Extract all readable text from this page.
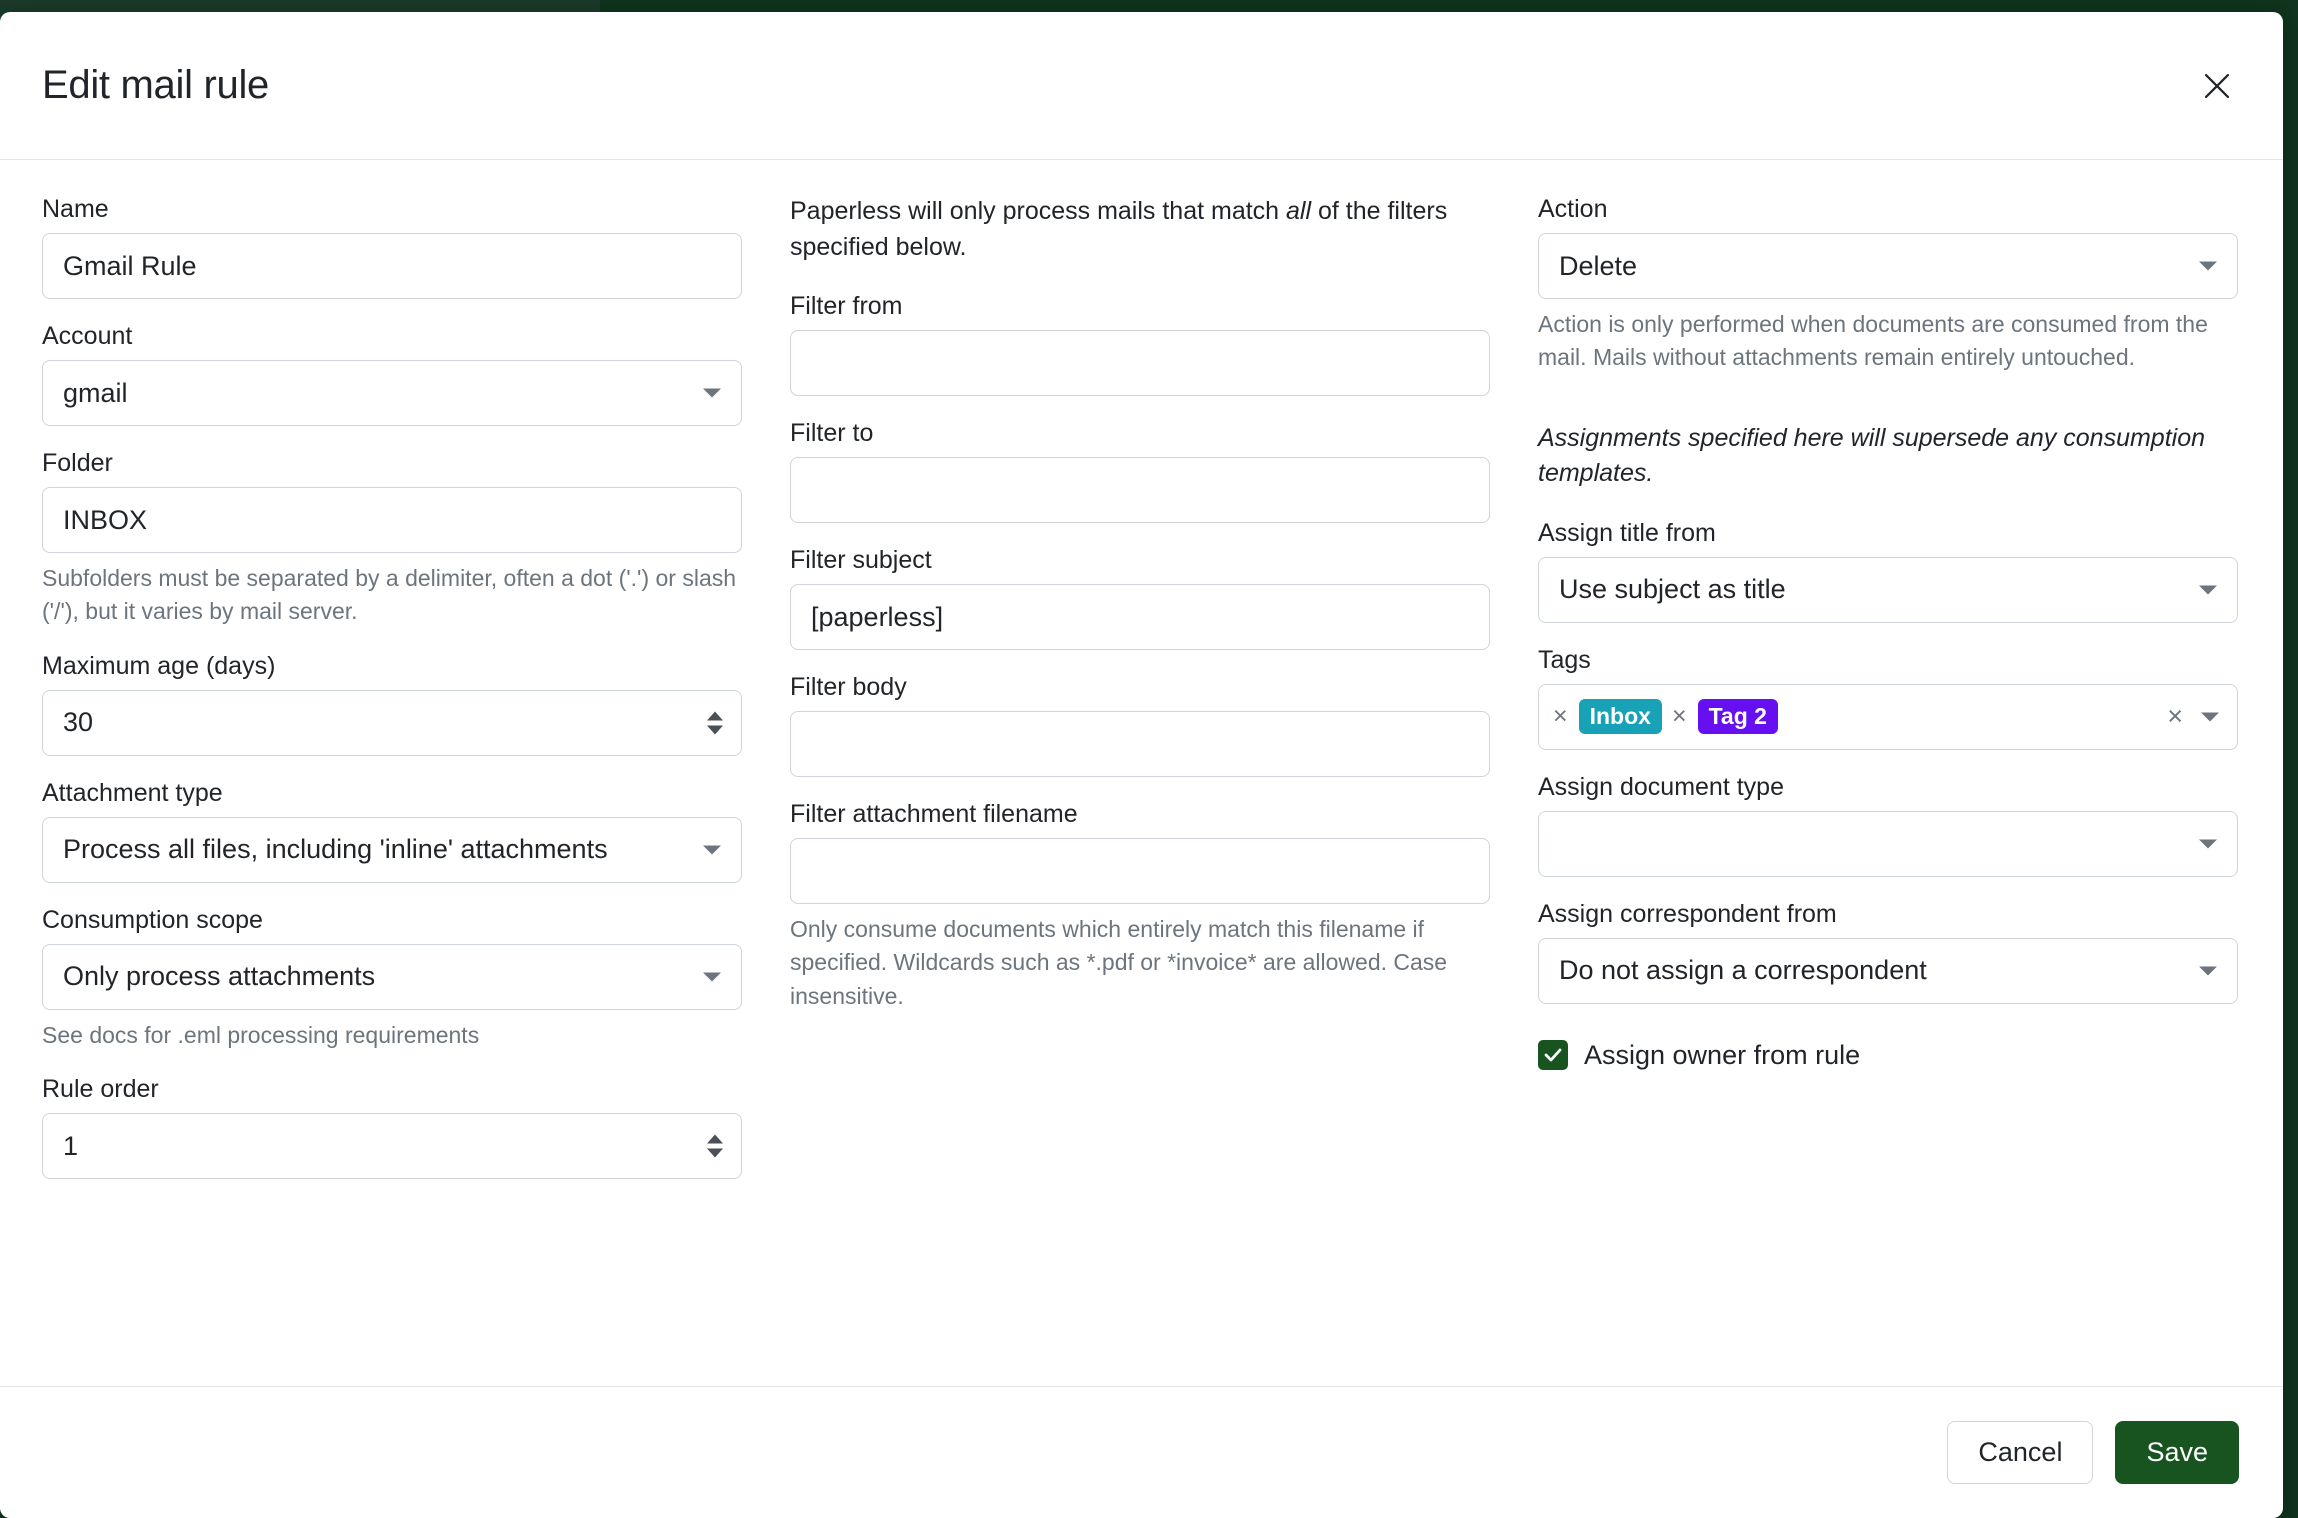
Edit mail rule
Name
Gmail Rule
Account
gmail
Folder
INBOX
Subfolders must be separated by a delimiter, often a dot ('.') or slash ('/'), but it varies by mail server.
Maximum age (days)
30
Attachment type
Process all files, including 'inline' attachments
Consumption scope
Only process attachments
See docs for .eml processing requirements
Rule order
1

Paperless will only process mails that match all of the filters specified below.

Filter from
Filter to
Filter subject
[paperless]
Filter body
Filter attachment filename
Only consume documents which entirely match this filename if specified. Wildcards such as *.pdf or *invoice* are allowed. Case insensitive.
Action
Delete
Action is only performed when documents are consumed from the mail. Mails without attachments remain entirely untouched.

Assignments specified here will supersede any consumption templates.

Assign title from
Use subject as title
Tags
× Inbox × Tag 2	×
Assign document type
Assign correspondent from
Do not assign a correspondent
Assign owner from rule
Cancel	Save
